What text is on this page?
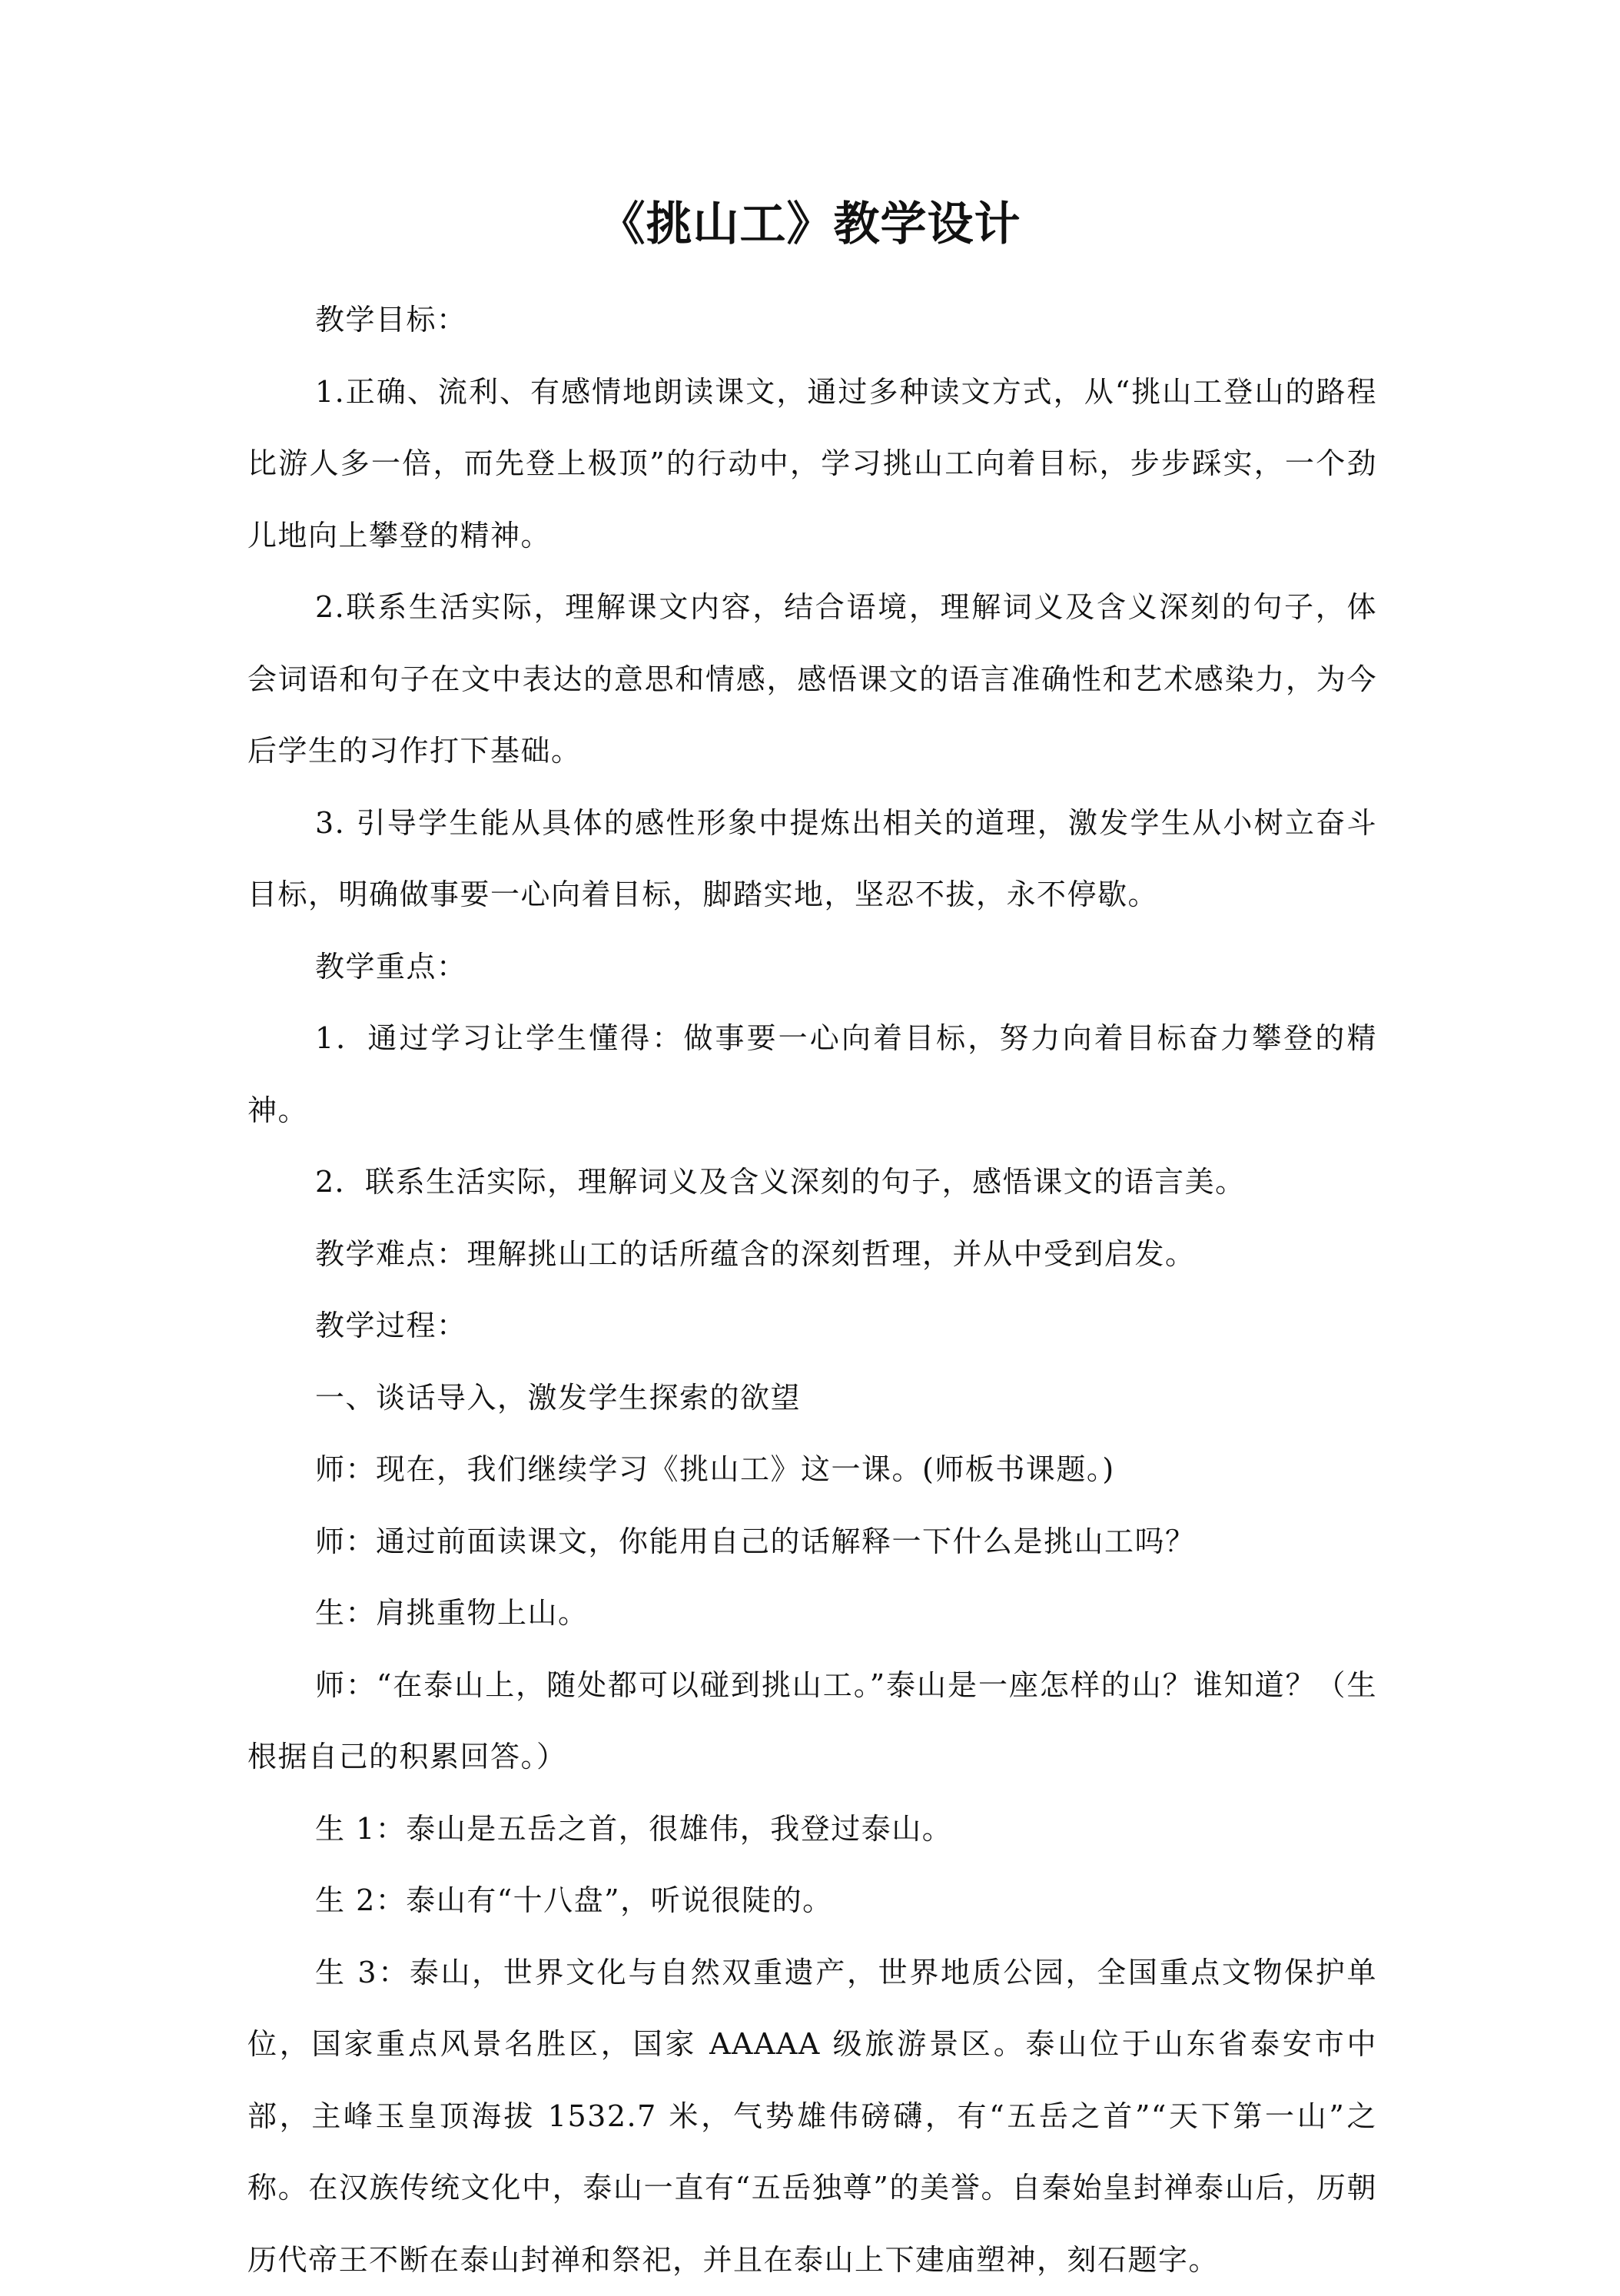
《挑山工》教学设计

教学目标：

1.正确、流利、有感情地朗读课文，通过多种读文方式，从“挑山工登山的路程比游人多一倍，而先登上极顶”的行动中，学习挑山工向着目标，步步踩实，一个劲儿地向上攀登的精神。

2.联系生活实际，理解课文内容，结合语境，理解词义及含义深刻的句子，体会词语和句子在文中表达的意思和情感，感悟课文的语言准确性和艺术感染力，为今后学生的习作打下基础。

3. 引导学生能从具体的感性形象中提炼出相关的道理，激发学生从小树立奋斗目标，明确做事要一心向着目标，脚踏实地，坚忍不拔，永不停歇。

教学重点：

1．通过学习让学生懂得：做事要一心向着目标，努力向着目标奋力攀登的精神。

2．联系生活实际，理解词义及含义深刻的句子，感悟课文的语言美。

教学难点：理解挑山工的话所蕴含的深刻哲理，并从中受到启发。

教学过程：

一、谈话导入，激发学生探索的欲望

师：现在，我们继续学习《挑山工》这一课。(师板书课题。)

师：通过前面读课文，你能用自己的话解释一下什么是挑山工吗？

生：肩挑重物上山。

师：“在泰山上，随处都可以碰到挑山工。”泰山是一座怎样的山？谁知道？（生根据自己的积累回答。）

生 1：泰山是五岳之首，很雄伟，我登过泰山。

生 2：泰山有“十八盘”，听说很陡的。

生 3：泰山，世界文化与自然双重遗产，世界地质公园，全国重点文物保护单位，国家重点风景名胜区，国家 AAAAA 级旅游景区。泰山位于山东省泰安市中部，主峰玉皇顶海拔 1532.7 米，气势雄伟磅礴，有“五岳之首”“天下第一山”之称。在汉族传统文化中，泰山一直有“五岳独尊”的美誉。自秦始皇封禅泰山后，历朝历代帝王不断在泰山封禅和祭祀，并且在泰山上下建庙塑神，刻石题字。
